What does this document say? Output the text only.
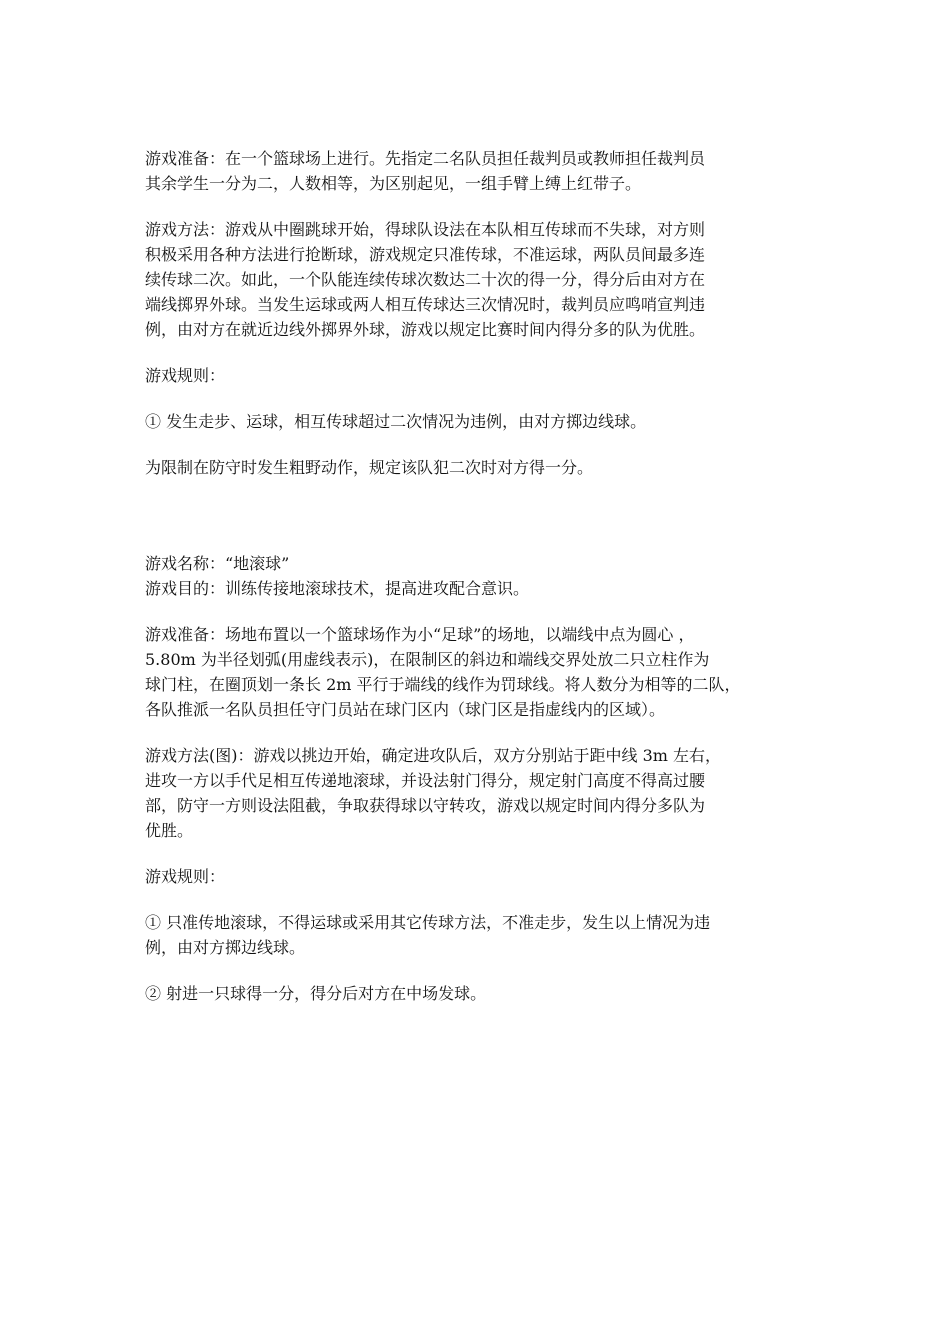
游戏准备：在一个篮球场上进行。先指定二名队员担任裁判员或教师担任裁判员
其余学生一分为二，人数相等，为区别起见，一组手臂上缚上红带子。

游戏方法：游戏从中圈跳球开始，得球队设法在本队相互传球而不失球，对方则
积极采用各种方法进行抢断球，游戏规定只准传球，不准运球，两队员间最多连
续传球二次。如此，一个队能连续传球次数达二十次的得一分，得分后由对方在
端线掷界外球。当发生运球或两人相互传球达三次情况时，裁判员应鸣哨宣判违
例，由对方在就近边线外掷界外球，游戏以规定比赛时间内得分多的队为优胜。

游戏规则：

① 发生走步、运球，相互传球超过二次情况为违例，由对方掷边线球。

为限制在防守时发生粗野动作，规定该队犯二次时对方得一分。

游戏名称：“地滚球”
游戏目的：训练传接地滚球技术，提高进攻配合意识。

游戏准备：场地布置以一个篮球场作为小“足球”的场地，以端线中点为圆心 ，
5.80m 为半径划弧(用虚线表示)，在限制区的斜边和端线交界处放二只立柱作为
球门柱，在圈顶划一条长 2m 平行于端线的线作为罚球线。将人数分为相等的二队，
各队推派一名队员担任守门员站在球门区内（球门区是指虚线内的区域）。

游戏方法(图)：游戏以挑边开始，确定进攻队后，双方分别站于距中线 3m 左右，
进攻一方以手代足相互传递地滚球，并设法射门得分，规定射门高度不得高过腰
部，防守一方则设法阻截，争取获得球以守转攻，游戏以规定时间内得分多队为
优胜。

游戏规则：

① 只准传地滚球，不得运球或采用其它传球方法，不准走步，发生以上情况为违
例，由对方掷边线球。

② 射进一只球得一分，得分后对方在中场发球。
